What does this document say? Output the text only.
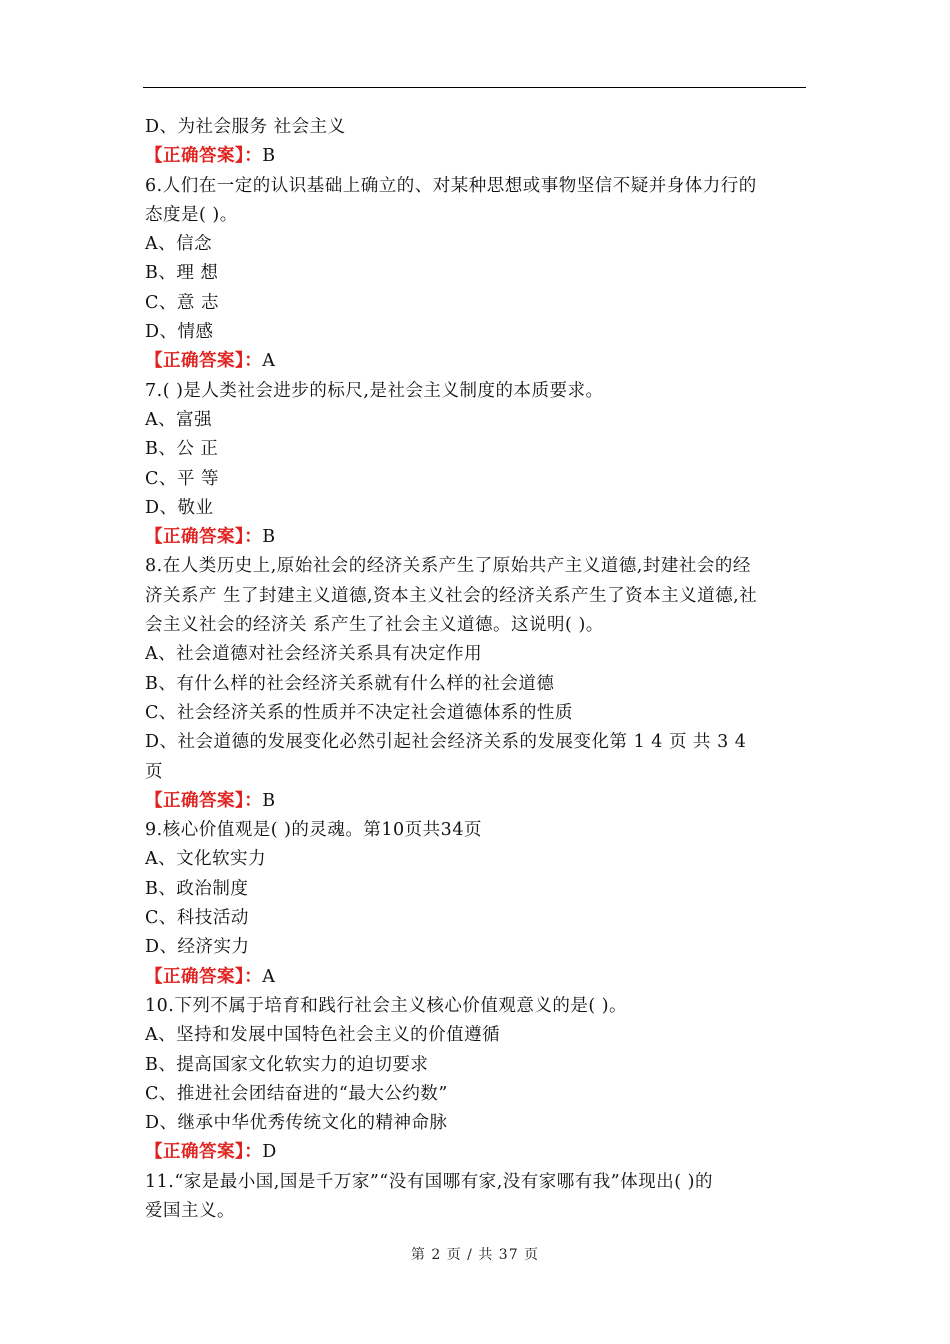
D、为社会服务 社会主义
【正确答案】：B
6.人们在一定的认识基础上确立的、对某种思想或事物坚信不疑并身体力行的
态度是( )。
A、信念
B、理 想
C、意 志
D、情感
【正确答案】：A
7.( )是人类社会进步的标尺,是社会主义制度的本质要求。
A、富强
B、公 正
C、平 等
D、敬业
【正确答案】：B
8.在人类历史上,原始社会的经济关系产生了原始共产主义道德,封建社会的经
济关系产 生了封建主义道德,资本主义社会的经济关系产生了资本主义道德,社
会主义社会的经济关 系产生了社会主义道德。这说明( )。
A、社会道德对社会经济关系具有决定作用
B、有什么样的社会经济关系就有什么样的社会道德
C、社会经济关系的性质并不决定社会道德体系的性质
D、社会道德的发展变化必然引起社会经济关系的发展变化第 1 4 页 共 3 4
页
【正确答案】：B
9.核心价值观是( )的灵魂。第10页共34页
A、文化软实力
B、政治制度
C、科技活动
D、经济实力
【正确答案】：A
10.下列不属于培育和践行社会主义核心价值观意义的是( )。
A、坚持和发展中国特色社会主义的价值遵循
B、提高国家文化软实力的迫切要求
C、推进社会团结奋进的“最大公约数”
D、继承中华优秀传统文化的精神命脉
【正确答案】：D
11.“家是最小国,国是千万家”“没有国哪有家,没有家哪有我”体现出( )的
爱国主义。
第 2 页 / 共 37 页
